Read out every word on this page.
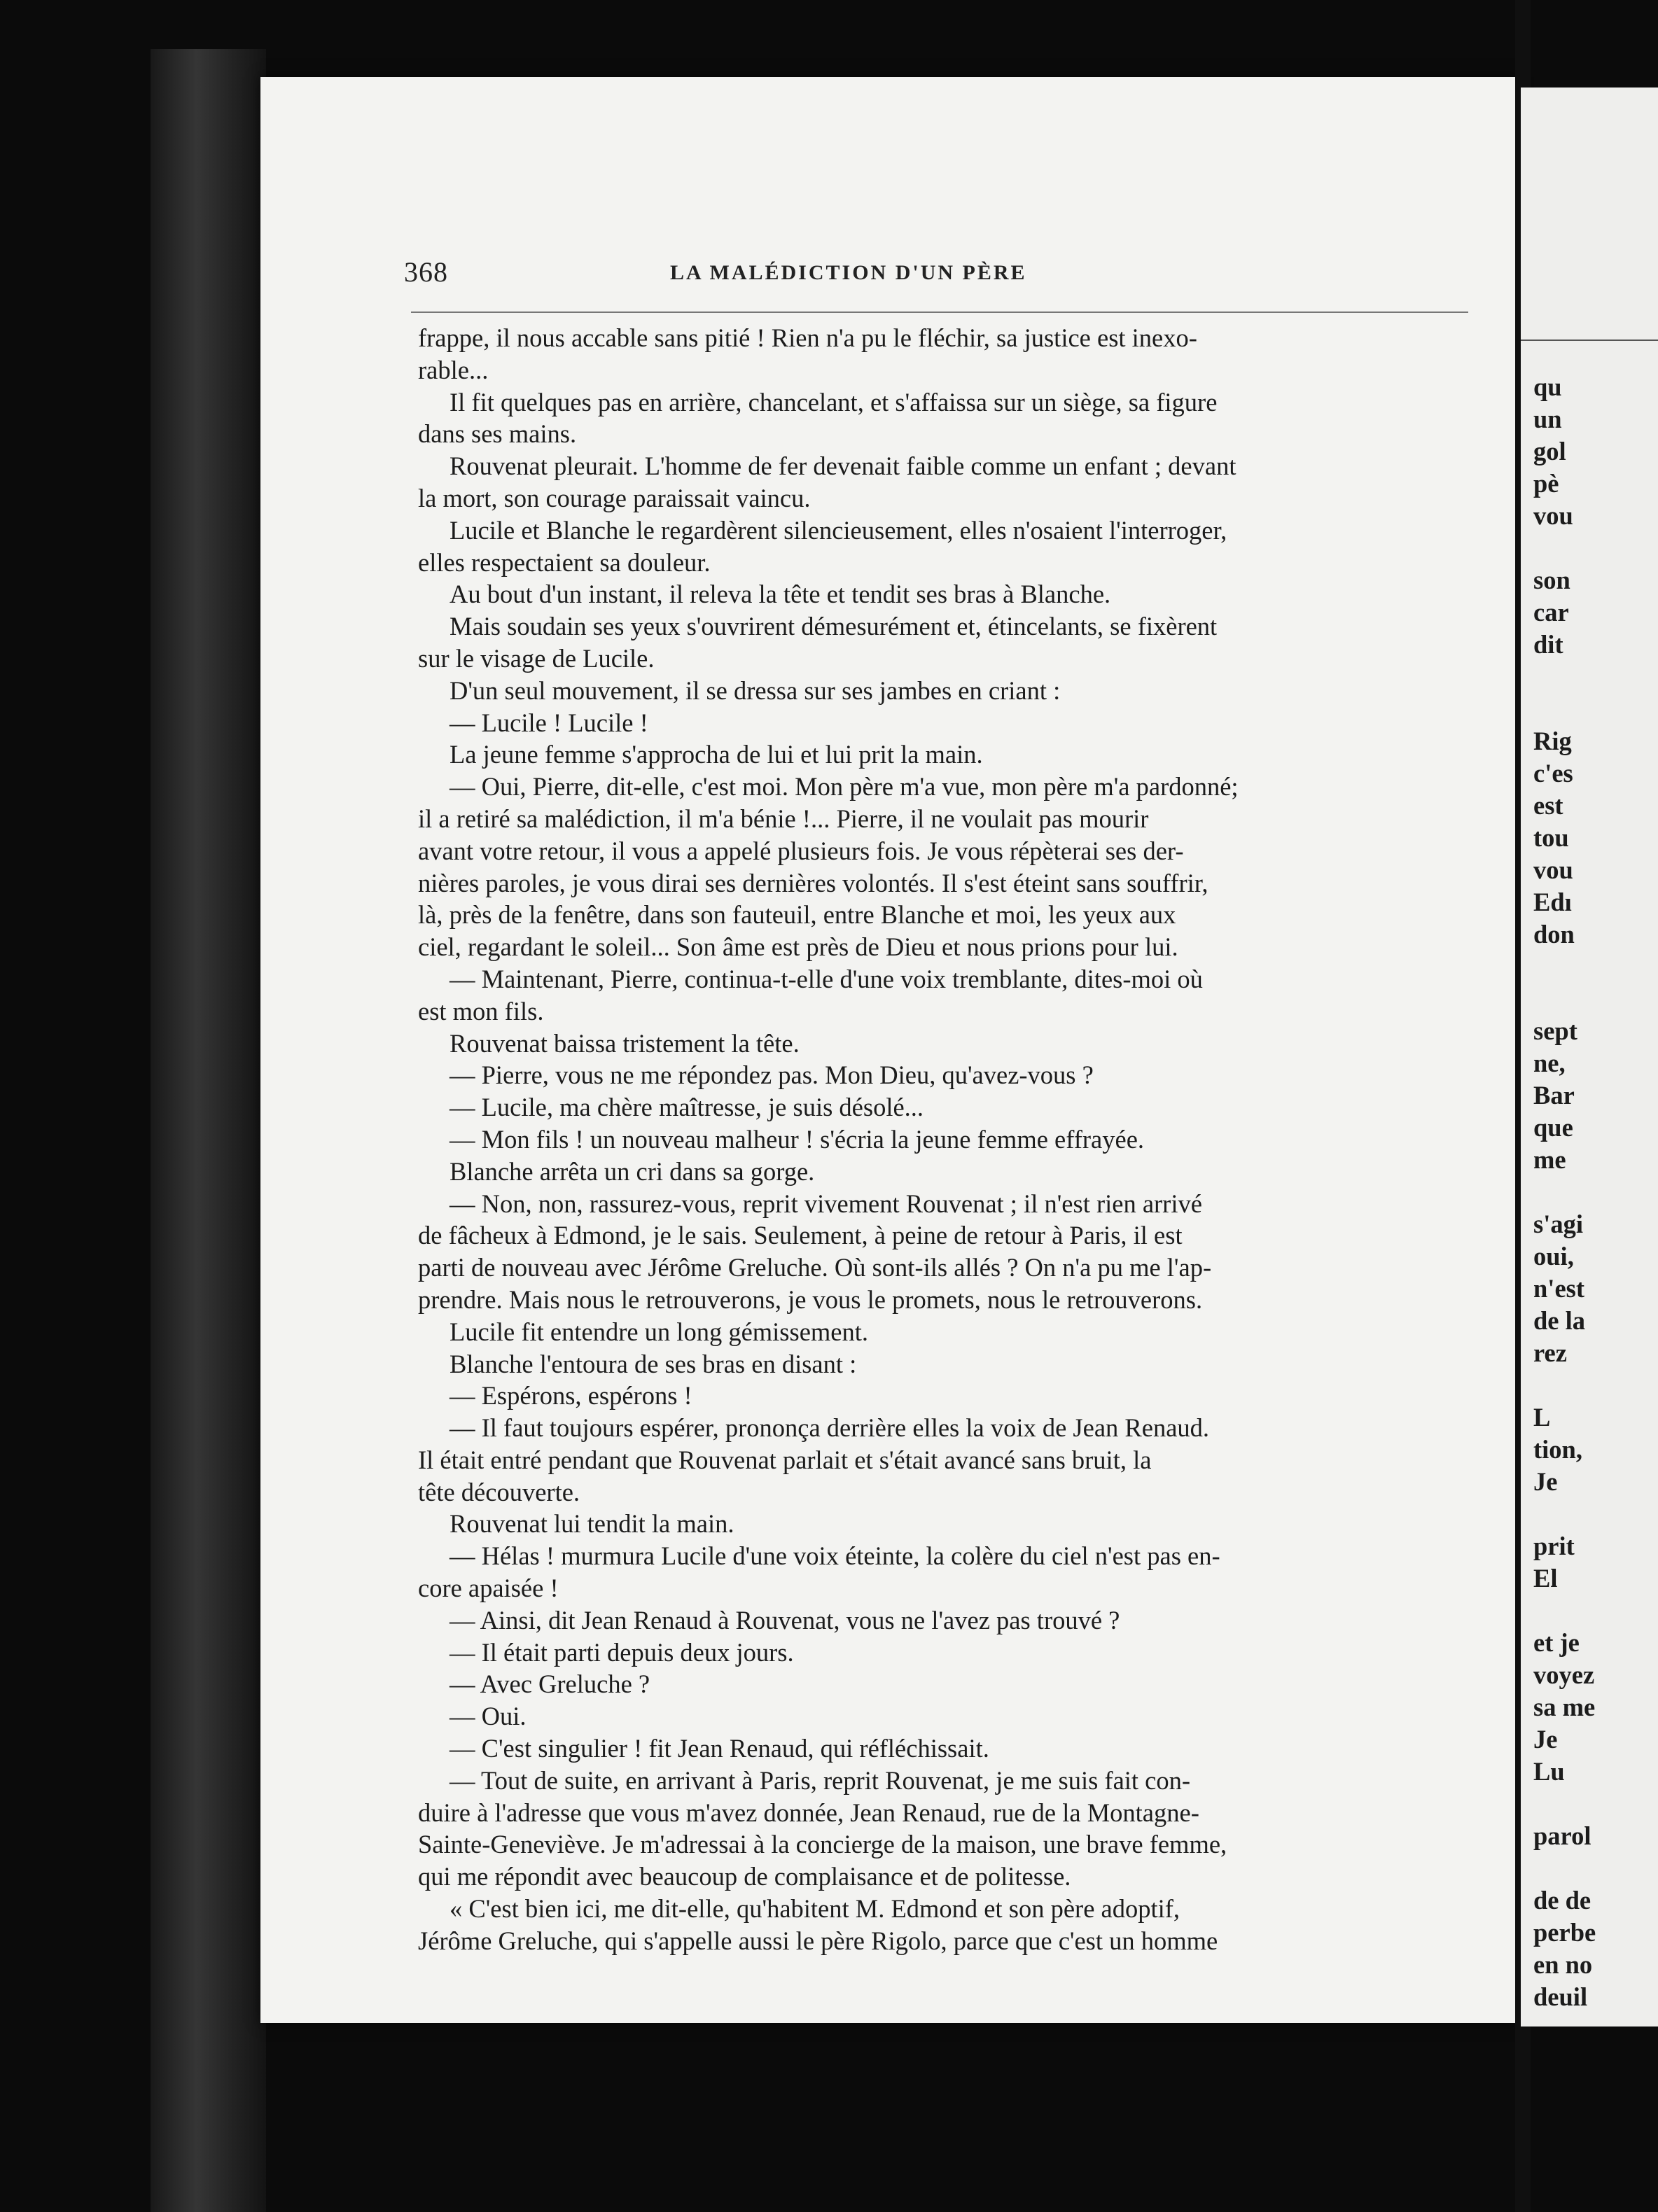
368	LA MALÉDICTION D'UN PÈRE
frappe, il nous accable sans pitié ! Rien n'a pu le fléchir, sa justice est inexo-
rable...
Il fit quelques pas en arrière, chancelant, et s'affaissa sur un siège, sa figure
dans ses mains.
Rouvenat pleurait. L'homme de fer devenait faible comme un enfant ; devant
la mort, son courage paraissait vaincu.
Lucile et Blanche le regardèrent silencieusement, elles n'osaient l'interroger,
elles respectaient sa douleur.
Au bout d'un instant, il releva la tête et tendit ses bras à Blanche.
Mais soudain ses yeux s'ouvrirent démesurément et, étincelants, se fixèrent
sur le visage de Lucile.
D'un seul mouvement, il se dressa sur ses jambes en criant :
— Lucile ! Lucile !
La jeune femme s'approcha de lui et lui prit la main.
— Oui, Pierre, dit-elle, c'est moi. Mon père m'a vue, mon père m'a pardonné;
il a retiré sa malédiction, il m'a bénie !... Pierre, il ne voulait pas mourir
avant votre retour, il vous a appelé plusieurs fois. Je vous répèterai ses der-
nières paroles, je vous dirai ses dernières volontés. Il s'est éteint sans souffrir,
là, près de la fenêtre, dans son fauteuil, entre Blanche et moi, les yeux aux
ciel, regardant le soleil... Son âme est près de Dieu et nous prions pour lui.
— Maintenant, Pierre, continua-t-elle d'une voix tremblante, dites-moi où
est mon fils.
Rouvenat baissa tristement la tête.
— Pierre, vous ne me répondez pas. Mon Dieu, qu'avez-vous ?
— Lucile, ma chère maîtresse, je suis désolé...
— Mon fils ! un nouveau malheur ! s'écria la jeune femme effrayée.
Blanche arrêta un cri dans sa gorge.
— Non, non, rassurez-vous, reprit vivement Rouvenat ; il n'est rien arrivé
de fâcheux à Edmond, je le sais. Seulement, à peine de retour à Paris, il est
parti de nouveau avec Jérôme Greluche. Où sont-ils allés ? On n'a pu me l'ap-
prendre. Mais nous le retrouverons, je vous le promets, nous le retrouverons.
Lucile fit entendre un long gémissement.
Blanche l'entoura de ses bras en disant :
— Espérons, espérons !
— Il faut toujours espérer, prononça derrière elles la voix de Jean Renaud.
Il était entré pendant que Rouvenat parlait et s'était avancé sans bruit, la
tête découverte.
Rouvenat lui tendit la main.
— Hélas ! murmura Lucile d'une voix éteinte, la colère du ciel n'est pas en-
core apaisée !
— Ainsi, dit Jean Renaud à Rouvenat, vous ne l'avez pas trouvé ?
— Il était parti depuis deux jours.
— Avec Greluche ?
— Oui.
— C'est singulier ! fit Jean Renaud, qui réfléchissait.
— Tout de suite, en arrivant à Paris, reprit Rouvenat, je me suis fait con-
duire à l'adresse que vous m'avez donnée, Jean Renaud, rue de la Montagne-
Sainte-Geneviève. Je m'adressai à la concierge de la maison, une brave femme,
qui me répondit avec beaucoup de complaisance et de politesse.
« C'est bien ici, me dit-elle, qu'habitent M. Edmond et son père adoptif,
Jérôme Greluche, qui s'appelle aussi le père Rigolo, parce que c'est un homme
qu
un
gol
pè
vou
son
car
dit
Rig
c'es
est
tou
vou
Edı
don
sept
ne,
Bar
que
me
s'agi
oui,
n'est
de la
rez
L
tion,
Je
prit
El
et je
voyez
sa me
Je
Lu
parol
de de
perbe
en no
deuil
